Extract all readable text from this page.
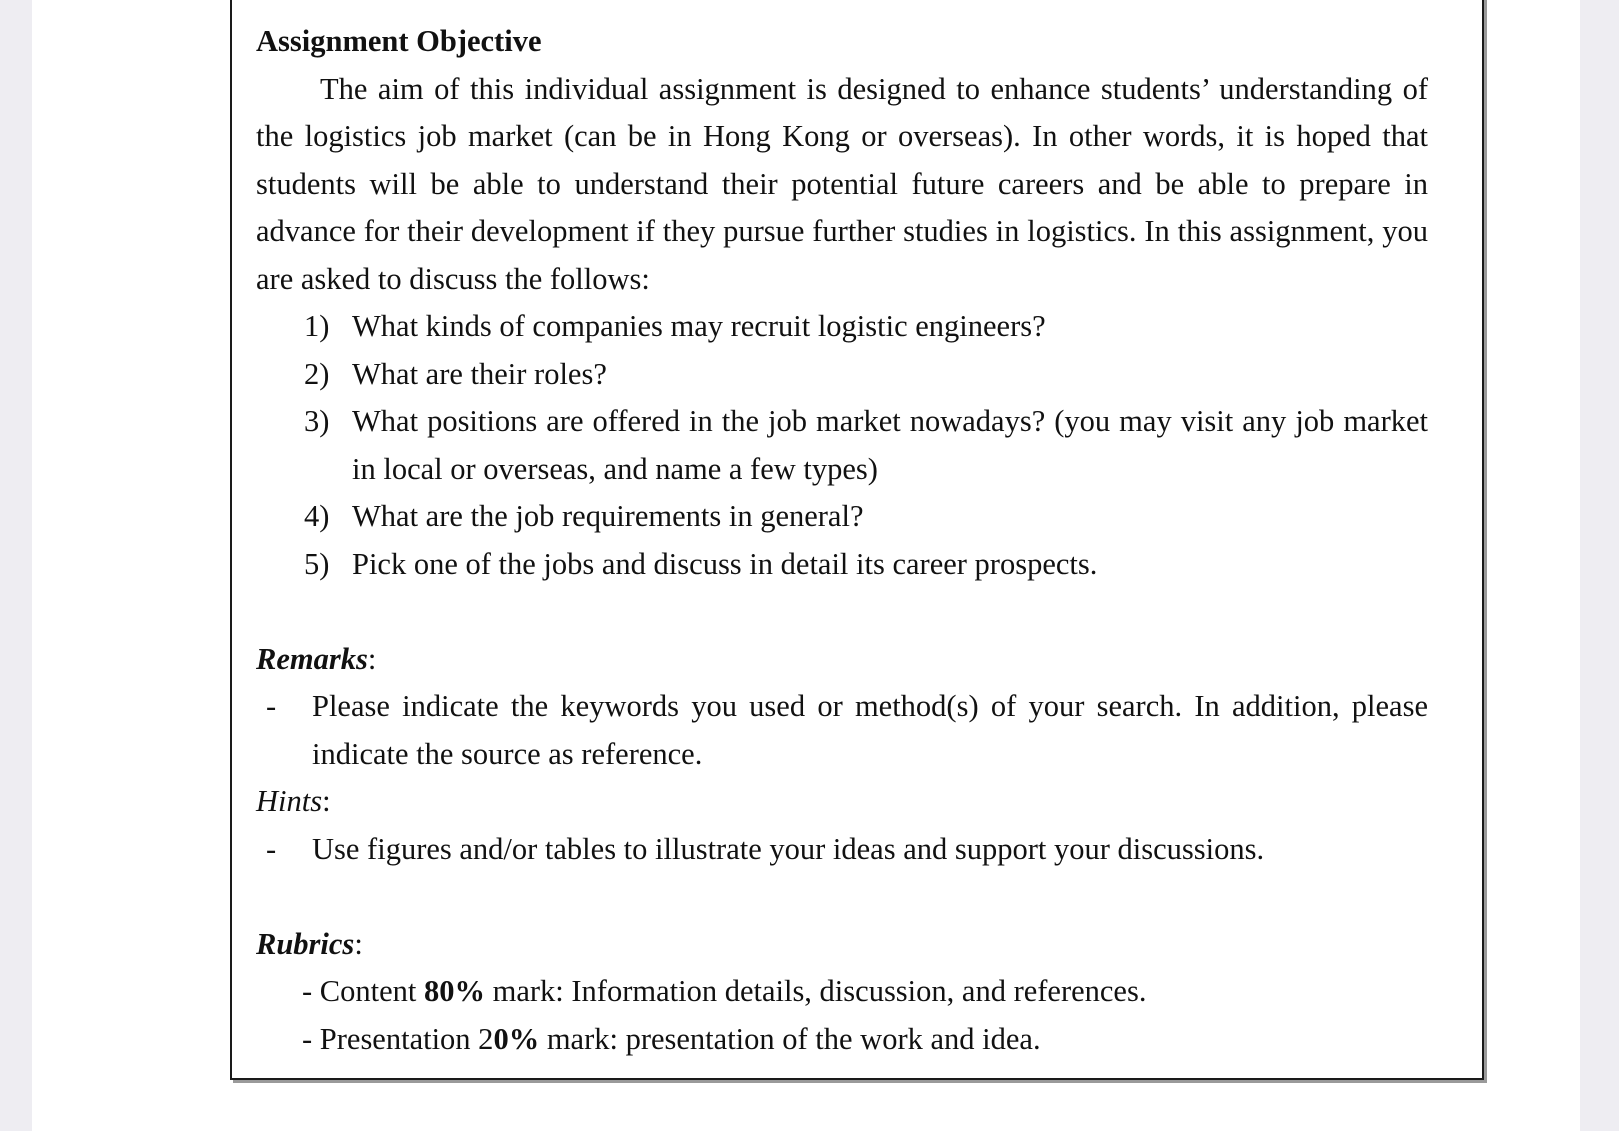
Assignment Objective

The aim of this individual assignment is designed to enhance students’ understanding of the logistics job market (can be in Hong Kong or overseas). In other words, it is hoped that students will be able to understand their potential future careers and be able to prepare in advance for their development if they pursue further studies in logistics. In this assignment, you are asked to discuss the follows:

1) What kinds of companies may recruit logistic engineers?
2) What are their roles?
3) What positions are offered in the job market nowadays? (you may visit any job market in local or overseas, and name a few types)
4) What are the job requirements in general?
5) Pick one of the jobs and discuss in detail its career prospects.

Remarks:

- Please indicate the keywords you used or method(s) of your search. In addition, please indicate the source as reference.

Hints:

- Use figures and/or tables to illustrate your ideas and support your discussions.

Rubrics:

- Content 80% mark: Information details, discussion, and references.

- Presentation 20% mark: presentation of the work and idea.
